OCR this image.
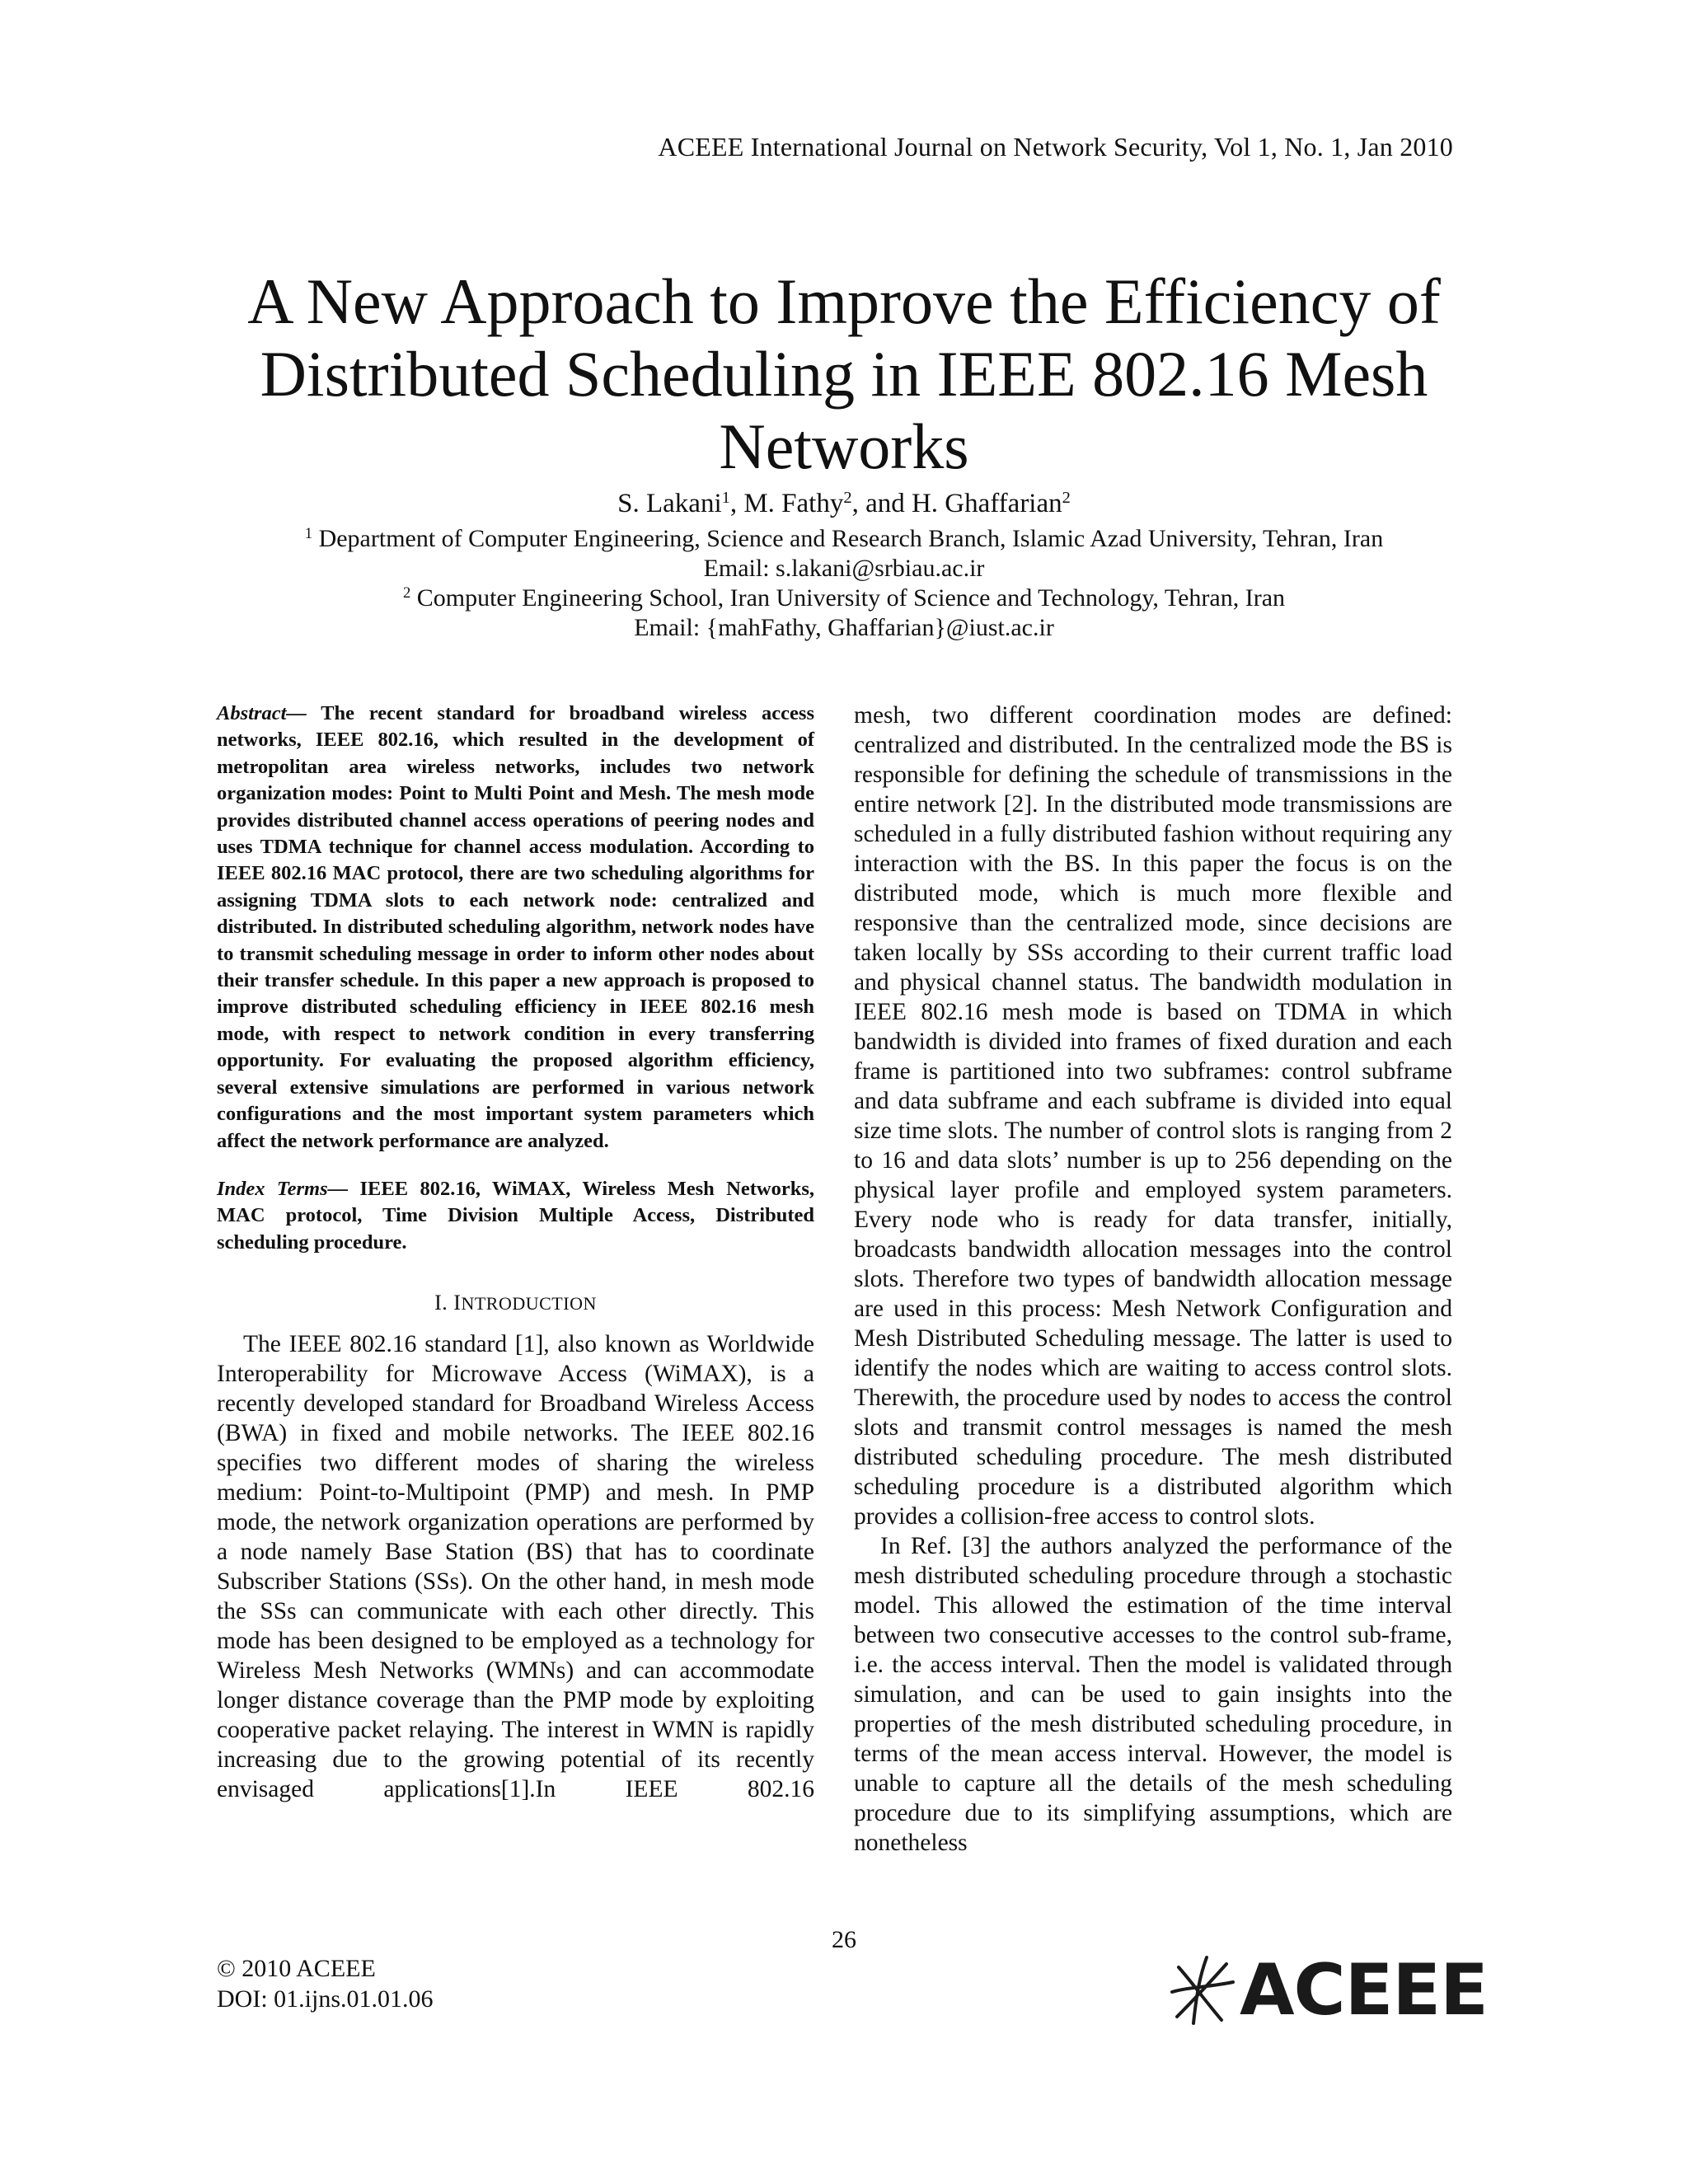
ACEEE International Journal on Network Security, Vol 1, No. 1, Jan 2010
A New Approach to Improve the Efficiency of
Distributed Scheduling in IEEE 802.16 Mesh
Networks
S. Lakani$^1$, M. Fathy$^2$, and H. Ghaffarian$^2$
$^1$ Department of Computer Engineering, Science and Research Branch, Islamic Azad University, Tehran, Iran
Email: s.lakani@srbiau.ac.ir
$^2$ Computer Engineering School, Iran University of Science and Technology, Tehran, Iran
Email: {mahFathy, Ghaffarian}@iust.ac.ir

Abstract— The recent standard for broadband wireless access networks, IEEE 802.16, which resulted in the development of metropolitan area wireless networks, includes two network organization modes: Point to Multi Point and Mesh. The mesh mode provides distributed channel access operations of peering nodes and uses TDMA technique for channel access modulation. According to IEEE 802.16 MAC protocol, there are two scheduling algorithms for assigning TDMA slots to each network node: centralized and distributed. In distributed scheduling algorithm, network nodes have to transmit scheduling message in order to inform other nodes about their transfer schedule. In this paper a new approach is proposed to improve distributed scheduling efficiency in IEEE 802.16 mesh mode, with respect to network condition in every transferring opportunity. For evaluating the proposed algorithm efficiency, several extensive simulations are performed in various network configurations and the most important system parameters which affect the network performance are analyzed.

Index Terms— IEEE 802.16, WiMAX, Wireless Mesh Networks, MAC protocol, Time Division Multiple Access, Distributed scheduling procedure.

I. INTRODUCTION

The IEEE 802.16 standard [1], also known as Worldwide Interoperability for Microwave Access (WiMAX), is a recently developed standard for Broadband Wireless Access (BWA) in fixed and mobile networks. The IEEE 802.16 specifies two different modes of sharing the wireless medium: Point-to-Multipoint (PMP) and mesh. In PMP mode, the network organization operations are performed by a node namely Base Station (BS) that has to coordinate Subscriber Stations (SSs). On the other hand, in mesh mode the SSs can communicate with each other directly. This mode has been designed to be employed as a technology for Wireless Mesh Networks (WMNs) and can accommodate longer distance coverage than the PMP mode by exploiting cooperative packet relaying. The interest in WMN is rapidly increasing due to the growing potential of its recently envisaged applications[1].In IEEE 802.16

mesh, two different coordination modes are defined: centralized and distributed. In the centralized mode the BS is responsible for defining the schedule of transmissions in the entire network [2]. In the distributed mode transmissions are scheduled in a fully distributed fashion without requiring any interaction with the BS. In this paper the focus is on the distributed mode, which is much more flexible and responsive than the centralized mode, since decisions are taken locally by SSs according to their current traffic load and physical channel status. The bandwidth modulation in IEEE 802.16 mesh mode is based on TDMA in which bandwidth is divided into frames of fixed duration and each frame is partitioned into two subframes: control subframe and data subframe and each subframe is divided into equal size time slots. The number of control slots is ranging from 2 to 16 and data slots’ number is up to 256 depending on the physical layer profile and employed system parameters. Every node who is ready for data transfer, initially, broadcasts bandwidth allocation messages into the control slots. Therefore two types of bandwidth allocation message are used in this process: Mesh Network Configuration and Mesh Distributed Scheduling message. The latter is used to identify the nodes which are waiting to access control slots. Therewith, the procedure used by nodes to access the control slots and transmit control messages is named the mesh distributed scheduling procedure. The mesh distributed scheduling procedure is a distributed algorithm which provides a collision-free access to control slots.

In Ref. [3] the authors analyzed the performance of the mesh distributed scheduling procedure through a stochastic model. This allowed the estimation of the time interval between two consecutive accesses to the control sub-frame, i.e. the access interval. Then the model is validated through simulation, and can be used to gain insights into the properties of the mesh distributed scheduling procedure, in terms of the mean access interval. However, the model is unable to capture all the details of the mesh scheduling procedure due to its simplifying assumptions, which are nonetheless

26
© 2010 ACEEE
DOI: 01.ijns.01.01.06	ACEEE
